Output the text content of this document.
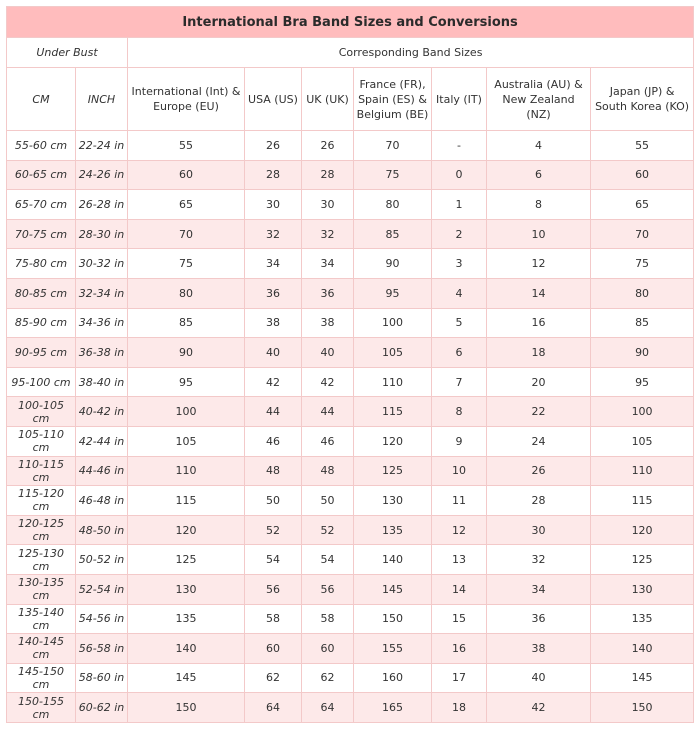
International Bra Band Sizes and Conversions								
Under Bust		Corresponding Band Sizes						
CM	INCH	International (Int) & Europe (EU)	USA (US)	UK (UK)	France (FR), Spain (ES) & Belgium (BE)	Italy (IT)	Australia (AU) & New Zealand (NZ)	Japan (JP) & South Korea (KO)
55-60 cm	22-24 in	55	26	26	70	-	4	55
60-65 cm	24-26 in	60	28	28	75	0	6	60
65-70 cm	26-28 in	65	30	30	80	1	8	65
70-75 cm	28-30 in	70	32	32	85	2	10	70
75-80 cm	30-32 in	75	34	34	90	3	12	75
80-85 cm	32-34 in	80	36	36	95	4	14	80
85-90 cm	34-36 in	85	38	38	100	5	16	85
90-95 cm	36-38 in	90	40	40	105	6	18	90
95-100 cm	38-40 in	95	42	42	110	7	20	95
100-105 cm	40-42 in	100	44	44	115	8	22	100
105-110 cm	42-44 in	105	46	46	120	9	24	105
110-115 cm	44-46 in	110	48	48	125	10	26	110
115-120 cm	46-48 in	115	50	50	130	11	28	115
120-125 cm	48-50 in	120	52	52	135	12	30	120
125-130 cm	50-52 in	125	54	54	140	13	32	125
130-135 cm	52-54 in	130	56	56	145	14	34	130
135-140 cm	54-56 in	135	58	58	150	15	36	135
140-145 cm	56-58 in	140	60	60	155	16	38	140
145-150 cm	58-60 in	145	62	62	160	17	40	145
150-155 cm	60-62 in	150	64	64	165	18	42	150
